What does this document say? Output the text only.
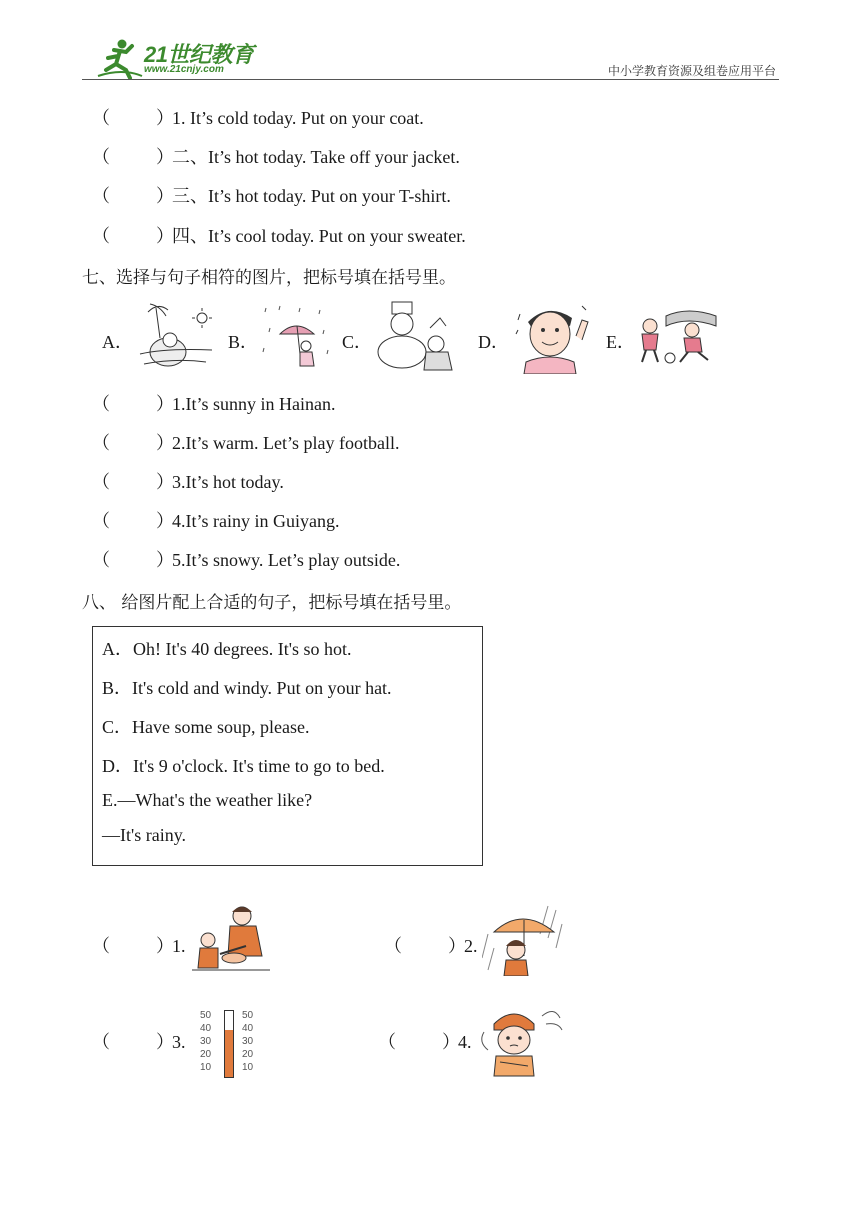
21世纪教育
www.21cnjy.com	中小学教育资源及组卷应用平台
（	）1. It’s cold today. Put on your coat.
（	）二、It’s hot today. Take off your jacket.
（	）三、It’s hot today. Put on your T-shirt.
（	）四、It’s cool today. Put on your sweater.
七、选择与句子相符的图片，把标号填在括号里。
A．	B．	C．	D．	E．
（	）1.It’s sunny in Hainan.
（	）2.It’s warm. Let’s play football.
（	）3.It’s hot today.
（	）4.It’s rainy in Guiyang.
（	）5.It’s snowy. Let’s play outside.
八、 给图片配上合适的句子，把标号填在括号里。
A．Oh! It's 40 degrees. It's so hot.
B．It's cold and windy. Put on your hat.
C．Have some soup, please.
D．It's 9 o'clock. It's time to go to bed.
E.—What's the weather like?
—It's rainy.
（	）1.	（	）2.
（	）3.
50
40
30
20
10
50
40
30
20
10
（	）4.
